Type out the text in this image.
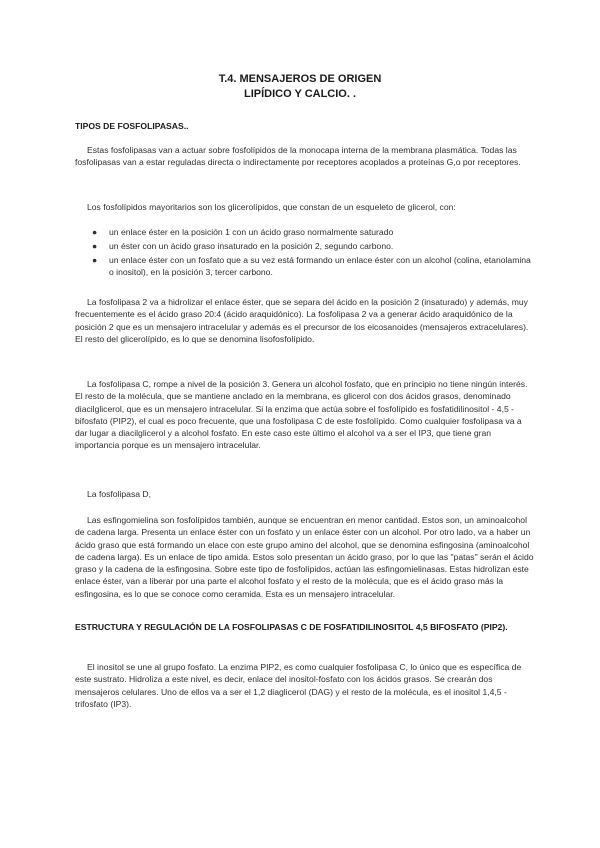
T.4. MENSAJEROS DE ORIGEN
LIPÍDICO Y CALCIO. .
TIPOS DE FOSFOLIPASAS..
Estas fosfolipasas van a actuar sobre fosfolípidos de la monocapa interna de la membrana plasmática. Todas las fosfolipasas van a estar reguladas directa o indirectamente por receptores acoplados a proteínas G,o por receptores.
Los fosfolípidos mayoritarios son los glicerolípidos, que constan de un esqueleto de glicerol, con:
●	un enlace éster en la posición 1 con un ácido graso normalmente saturado
●	un éster con un ácido graso insaturado en la posición 2, segundo carbono.
●	un enlace éster con un fosfato que a su vez está formando un enlace éster con un alcohol (colina, etanolamina o inositol), en la posición 3, tercer carbono.
La fosfolipasa 2 va a hidrolizar el enlace éster, que se separa del ácido en la posición 2 (insaturado) y además, muy frecuentemente es el ácido graso 20:4 (ácido araquidónico). La fosfolipasa 2 va a generar ácido araquidónico de la posición 2 que es un mensajero intracelular y además es el precursor de los eicosanoides (mensajeros extracelulares). El resto del glicerolípido, es lo que se denomina lisofosfolípido.
La fosfolipasa C, rompe a nivel de la posición 3. Genera un alcohol fosfato, que en principio no tiene ningún interés. El resto de la molécula, que se mantiene anclado en la membrana, es glicerol con dos ácidos grasos, denominado diacilglicerol, que es un mensajero intracelular. Si la enzima que actúa sobre el fosfolípido es fosfatidilinositol - 4,5 - bifosfato (PIP2), el cual es poco frecuente, que una fosfolipasa C de este fosfolípido. Como cualquier fosfolipasa va a dar lugar a diacilglicerol y a alcohol fosfato. En este caso este último el alcohol va a ser el IP3, que tiene gran importancia porque es un mensajero intracelular.
La fosfolipasa D,
Las esfingomielina son fosfolípidos también, aunque se encuentran en menor cantidad. Estos son, un aminoalcohol de cadena larga. Presenta un enlace éster con un fosfato y un enlace éster con un alcohol. Por otro lado, va a haber un ácido graso que está formando un elace con este grupo amino del alcohol, que se denomina esfingosina (aminoalcohol de cadena larga). Es un enlace de tipo amida. Estos solo presentan un ácido graso, por lo que las "patas" serán el ácido graso y la cadena de la esfingosina. Sobre este tipo de fosfolípidos, actúan las esfingomielinasas. Estas hidrolizan este enlace éster, van a liberar por una parte el alcohol fosfato y el resto de la molécula, que es el ácido graso más la esfingosina, es lo que se conoce como ceramida. Esta es un mensajero intracelular.
ESTRUCTURA Y REGULACIÓN DE LA FOSFOLIPASAS C DE FOSFATIDILINOSITOL 4,5 BIFOSFATO (PIP2).
El inositol se une al grupo fosfato. La enzima PIP2, es como cualquier fosfolipasa C, lo único que es específica de este sustrato. Hidroliza a este nivel, es decir, enlace del inositol-fosfato con los ácidos grasos. Se crearán dos mensajeros celulares. Uno de ellos va a ser el 1,2 diaglicerol (DAG) y el resto de la molécula, es el inositol 1,4,5 - trifosfato (IP3).
